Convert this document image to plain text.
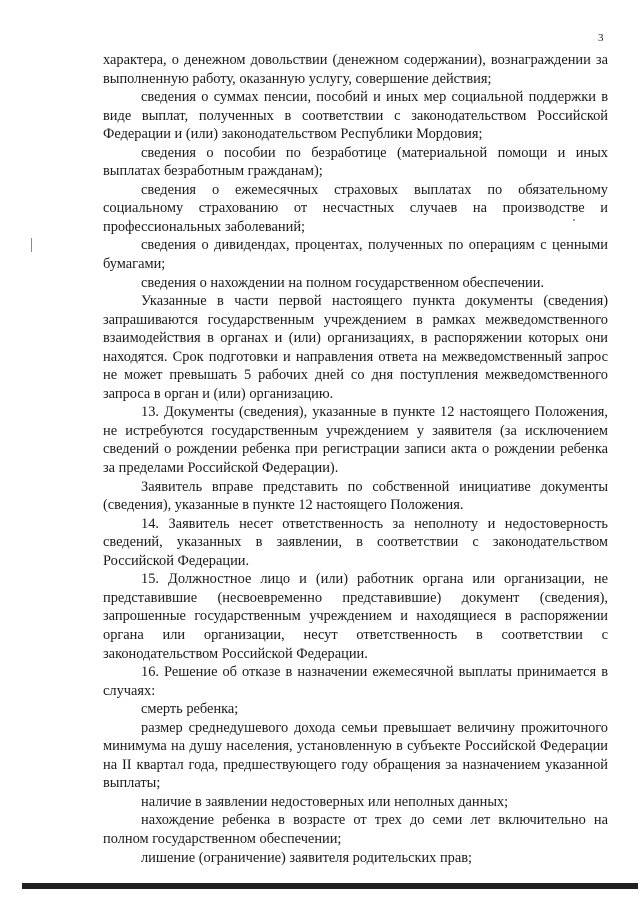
3

характера, о денежном довольствии (денежном содержании), вознаграждении за выполненную работу, оказанную услугу, совершение действия;

сведения о суммах пенсии, пособий и иных мер социальной поддержки в виде выплат, полученных в соответствии с законодательством Российской Федерации и (или) законодательством Республики Мордовия;

сведения о пособии по безработице (материальной помощи и иных выплатах безработным гражданам);

сведения о ежемесячных страховых выплатах по обязательному социальному страхованию от несчастных случаев на производстве и профессиональных заболеваний;

сведения о дивидендах, процентах, полученных по операциям с ценными бумагами;

сведения о нахождении на полном государственном обеспечении.

Указанные в части первой настоящего пункта документы (сведения) запрашиваются государственным учреждением в рамках межведомственного взаимодействия в органах и (или) организациях, в распоряжении которых они находятся. Срок подготовки и направления ответа на межведомственный запрос не может превышать 5 рабочих дней со дня поступления межведомственного запроса в орган и (или) организацию.

13. Документы (сведения), указанные в пункте 12 настоящего Положения, не истребуются государственным учреждением у заявителя (за исключением сведений о рождении ребенка при регистрации записи акта о рождении ребенка за пределами Российской Федерации).

Заявитель вправе представить по собственной инициативе документы (сведения), указанные в пункте 12 настоящего Положения.

14. Заявитель несет ответственность за неполноту и недостоверность сведений, указанных в заявлении, в соответствии с законодательством Российской Федерации.

15. Должностное лицо и (или) работник органа или организации, не представившие (несвоевременно представившие) документ (сведения), запрошенные государственным учреждением и находящиеся в распоряжении органа или организации, несут ответственность в соответствии с законодательством Российской Федерации.

16. Решение об отказе в назначении ежемесячной выплаты принимается в случаях:

смерть ребенка;

размер среднедушевого дохода семьи превышает величину прожиточного минимума на душу населения, установленную в субъекте Российской Федерации на II квартал года, предшествующего году обращения за назначением указанной выплаты;

наличие в заявлении недостоверных или неполных данных;

нахождение ребенка в возрасте от трех до семи лет включительно на полном государственном обеспечении;

лишение (ограничение) заявителя родительских прав;
